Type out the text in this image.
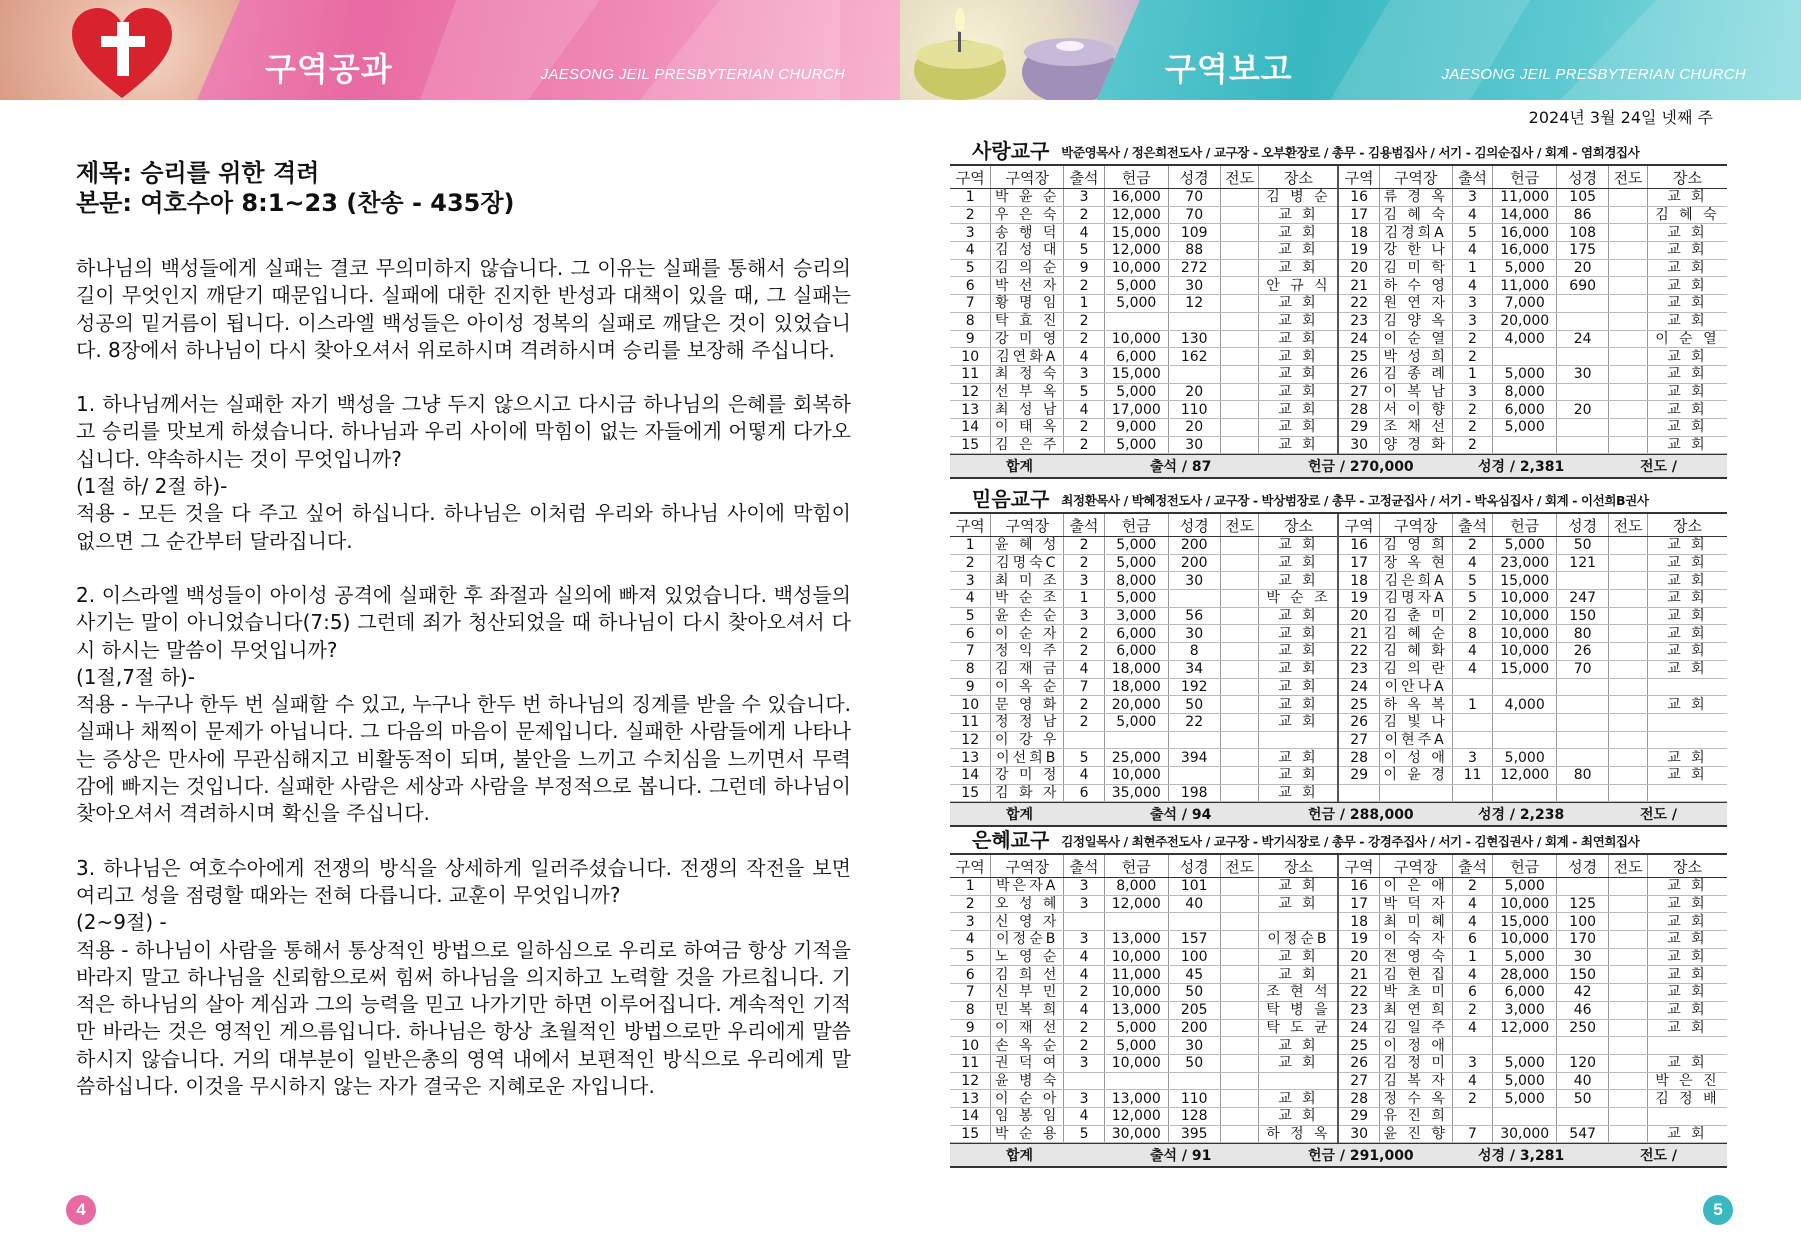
구역공과	JAESONG JEIL PRESBYTERIAN CHURCH
제목: 승리를 위한 격려
본문: 여호수아 8:1~23 (찬송 - 435장)

하나님의 백성들에게 실패는 결코 무의미하지 않습니다. 그 이유는 실패를 통해서 승리의 길이 무엇인지 깨닫기 때문입니다. 실패에 대한 진지한 반성과 대책이 있을 때, 그 실패는 성공의 밑거름이 됩니다. 이스라엘 백성들은 아이성 정복의 실패로 깨달은 것이 있었습니다. 8장에서 하나님이 다시 찾아오셔서 위로하시며 격려하시며 승리를 보장해 주십니다.

1. 하나님께서는 실패한 자기 백성을 그냥 두지 않으시고 다시금 하나님의 은혜를 회복하고 승리를 맛보게 하셨습니다. 하나님과 우리 사이에 막힘이 없는 자들에게 어떻게 다가오십니다. 약속하시는 것이 무엇입니까?

(1절 하/ 2절 하)-

적용 - 모든 것을 다 주고 싶어 하십니다. 하나님은 이처럼 우리와 하나님 사이에 막힘이 없으면 그 순간부터 달라집니다.

2. 이스라엘 백성들이 아이성 공격에 실패한 후 좌절과 실의에 빠져 있었습니다. 백성들의 사기는 말이 아니었습니다(7:5) 그런데 죄가 청산되었을 때 하나님이 다시 찾아오셔서 다시 하시는 말씀이 무엇입니까?

(1절,7절 하)-

적용 - 누구나 한두 번 실패할 수 있고, 누구나 한두 번 하나님의 징계를 받을 수 있습니다. 실패나 채찍이 문제가 아닙니다. 그 다음의 마음이 문제입니다. 실패한 사람들에게 나타나는 증상은 만사에 무관심해지고 비활동적이 되며, 불안을 느끼고 수치심을 느끼면서 무력감에 빠지는 것입니다. 실패한 사람은 세상과 사람을 부정적으로 봅니다. 그런데 하나님이 찾아오셔서 격려하시며 확신을 주십니다.

3. 하나님은 여호수아에게 전쟁의 방식을 상세하게 일러주셨습니다. 전쟁의 작전을 보면 여리고 성을 점령할 때와는 전혀 다릅니다. 교훈이 무엇입니까?

(2~9절) -

적용 - 하나님이 사람을 통해서 통상적인 방법으로 일하심으로 우리로 하여금 항상 기적을 바라지 말고 하나님을 신뢰함으로써 힘써 하나님을 의지하고 노력할 것을 가르칩니다. 기적은 하나님의 살아 계심과 그의 능력을 믿고 나가기만 하면 이루어집니다. 계속적인 기적만 바라는 것은 영적인 게으름입니다. 하나님은 항상 초월적인 방법으로만 우리에게 말씀하시지 않습니다. 거의 대부분이 일반은총의 영역 내에서 보편적인 방식으로 우리에게 말씀하십니다. 이것을 무시하지 않는 자가 결국은 지혜로운 자입니다.

4
구역보고	JAESONG JEIL PRESBYTERIAN CHURCH
5
2024년 3월 24일 넷째 주
사랑교구 박준영목사 / 정은희전도사 / 교구장 - 오부환장로 / 총무 - 김용범집사 / 서기 - 김의순집사 / 회계 - 염희경집사
구역	구역장	출석	헌금	성경	전도	장소	구역	구역장	출석	헌금	성경	전도	장소
1	박 윤 순	3	16,000	70		김 병 순	16	류 경 옥	3	11,000	105		교 회
2	우 은 숙	2	12,000	70		교 회	17	김 혜 숙	4	14,000	86		김 혜 숙
3	송 행 덕	4	15,000	109		교 회	18	김경희A	5	16,000	108		교 회
4	김 성 대	5	12,000	88		교 회	19	강 한 나	4	16,000	175		교 회
5	김 의 순	9	10,000	272		교 회	20	김 미 학	1	5,000	20		교 회
6	박 선 자	2	5,000	30		안 규 식	21	하 수 영	4	11,000	690		교 회
7	황 명 임	1	5,000	12		교 회	22	원 연 자	3	7,000			교 회
8	탁 효 진	2				교 회	23	김 양 옥	3	20,000			교 회
9	강 미 영	2	10,000	130		교 회	24	이 순 열	2	4,000	24		이 순 열
10	김연화A	4	6,000	162		교 회	25	박 성 희	2				교 회
11	최 정 숙	3	15,000			교 회	26	김 종 례	1	5,000	30		교 회
12	선 부 옥	5	5,000	20		교 회	27	이 복 남	3	8,000			교 회
13	최 성 남	4	17,000	110		교 회	28	서 이 향	2	6,000	20		교 회
14	이 태 옥	2	9,000	20		교 회	29	조 채 선	2	5,000			교 회
15	김 은 주	2	5,000	30		교 회	30	양 경 화	2				교 회
합계	출석 / 87	헌금 / 270,000	성경 / 2,381	전도 /
믿음교구 최정환목사 / 박혜정전도사 / 교구장 - 박상범장로 / 총무 - 고정균집사 / 서기 - 박옥심집사 / 회계 - 이선희B권사
구역	구역장	출석	헌금	성경	전도	장소	구역	구역장	출석	헌금	성경	전도	장소
1	윤 혜 성	2	5,000	200		교 회	16	김 영 희	2	5,000	50		교 회
2	김명숙C	2	5,000	200		교 회	17	장 옥 현	4	23,000	121		교 회
3	최 미 조	3	8,000	30		교 회	18	김은희A	5	15,000			교 회
4	박 순 조	1	5,000			박 순 조	19	김명자A	5	10,000	247		교 회
5	윤 손 순	3	3,000	56		교 회	20	김 춘 미	2	10,000	150		교 회
6	이 순 자	2	6,000	30		교 회	21	김 혜 순	8	10,000	80		교 회
7	정 익 주	2	6,000	8		교 회	22	김 혜 화	4	10,000	26		교 회
8	김 재 금	4	18,000	34		교 회	23	김 의 란	4	15,000	70		교 회
9	이 옥 순	7	18,000	192		교 회	24	이안나A					
10	문 영 화	2	20,000	50		교 회	25	하 옥 복	1	4,000			교 회
11	정 정 남	2	5,000	22		교 회	26	김 빛 나					
12	이 강 우						27	이현주A					
13	이선희B	5	25,000	394		교 회	28	이 성 애	3	5,000			교 회
14	강 미 정	4	10,000			교 회	29	이 윤 경	11	12,000	80		교 회
15	김 화 자	6	35,000	198		교 회							
합계	출석 / 94	헌금 / 288,000	성경 / 2,238	전도 /
은혜교구 김정일목사 / 최현주전도사 / 교구장 - 박기식장로 / 총무 - 강경주집사 / 서기 - 김현집권사 / 회계 - 최연희집사
구역	구역장	출석	헌금	성경	전도	장소	구역	구역장	출석	헌금	성경	전도	장소
1	박은자A	3	8,000	101		교 회	16	이 은 애	2	5,000			교 회
2	오 성 혜	3	12,000	40		교 회	17	박 덕 자	4	10,000	125		교 회
3	신 영 자						18	최 미 혜	4	15,000	100		교 회
4	이정순B	3	13,000	157		이정순B	19	이 숙 자	6	10,000	170		교 회
5	노 영 순	4	10,000	100		교 회	20	전 영 숙	1	5,000	30		교 회
6	김 희 선	4	11,000	45		교 회	21	김 현 집	4	28,000	150		교 회
7	신 부 민	2	10,000	50		조 현 석	22	박 초 미	6	6,000	42		교 회
8	민 복 희	4	13,000	205		탁 병 을	23	최 연 희	2	3,000	46		교 회
9	이 재 선	2	5,000	200		탁 도 균	24	김 일 주	4	12,000	250		교 회
10	손 옥 순	2	5,000	30		교 회	25	이 정 애					
11	권 덕 여	3	10,000	50		교 회	26	김 정 미	3	5,000	120		교 회
12	윤 병 숙						27	김 복 자	4	5,000	40		박 은 진
13	이 순 아	3	13,000	110		교 회	28	정 수 옥	2	5,000	50		김 정 배
14	임 봉 임	4	12,000	128		교 회	29	유 진 희					
15	박 순 용	5	30,000	395		하 정 옥	30	윤 진 향	7	30,000	547		교 회
합계	출석 / 91	헌금 / 291,000	성경 / 3,281	전도 /
